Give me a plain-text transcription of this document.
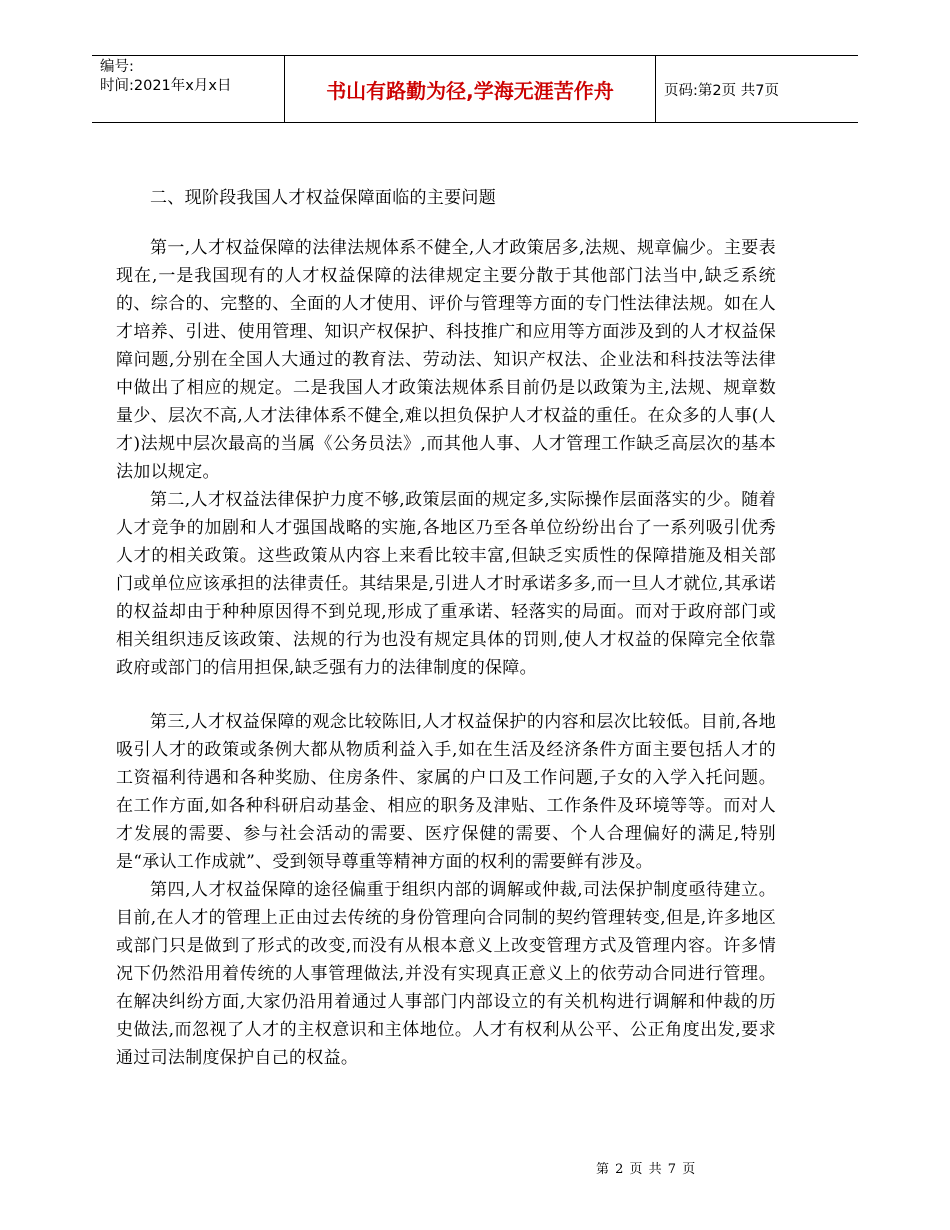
编号:
时间:2021年x月x日	书山有路勤为径,学海无涯苦作舟	页码:第2页 共7页

二、现阶段我国人才权益保障面临的主要问题

第一,人才权益保障的法律法规体系不健全,人才政策居多,法规、规章偏少。主要表现在,一是我国现有的人才权益保障的法律规定主要分散于其他部门法当中,缺乏系统的、综合的、完整的、全面的人才使用、评价与管理等方面的专门性法律法规。如在人才培养、引进、使用管理、知识产权保护、科技推广和应用等方面涉及到的人才权益保障问题,分别在全国人大通过的教育法、劳动法、知识产权法、企业法和科技法等法律中做出了相应的规定。二是我国人才政策法规体系目前仍是以政策为主,法规、规章数量少、层次不高,人才法律体系不健全,难以担负保护人才权益的重任。在众多的人事(人才)法规中层次最高的当属《公务员法》,而其他人事、人才管理工作缺乏高层次的基本法加以规定。

第二,人才权益法律保护力度不够,政策层面的规定多,实际操作层面落实的少。随着人才竞争的加剧和人才强国战略的实施,各地区乃至各单位纷纷出台了一系列吸引优秀人才的相关政策。这些政策从内容上来看比较丰富,但缺乏实质性的保障措施及相关部门或单位应该承担的法律责任。其结果是,引进人才时承诺多多,而一旦人才就位,其承诺的权益却由于种种原因得不到兑现,形成了重承诺、轻落实的局面。而对于政府部门或相关组织违反该政策、法规的行为也没有规定具体的罚则,使人才权益的保障完全依靠政府或部门的信用担保,缺乏强有力的法律制度的保障。

第三,人才权益保障的观念比较陈旧,人才权益保护的内容和层次比较低。目前,各地吸引人才的政策或条例大都从物质利益入手,如在生活及经济条件方面主要包括人才的工资福利待遇和各种奖励、住房条件、家属的户口及工作问题,子女的入学入托问题。在工作方面,如各种科研启动基金、相应的职务及津贴、工作条件及环境等等。而对人才发展的需要、参与社会活动的需要、医疗保健的需要、个人合理偏好的满足,特别是“承认工作成就”、受到领导尊重等精神方面的权利的需要鲜有涉及。

第四,人才权益保障的途径偏重于组织内部的调解或仲裁,司法保护制度亟待建立。目前,在人才的管理上正由过去传统的身份管理向合同制的契约管理转变,但是,许多地区或部门只是做到了形式的改变,而没有从根本意义上改变管理方式及管理内容。许多情况下仍然沿用着传统的人事管理做法,并没有实现真正意义上的依劳动合同进行管理。在解决纠纷方面,大家仍沿用着通过人事部门内部设立的有关机构进行调解和仲裁的历史做法,而忽视了人才的主权意识和主体地位。人才有权利从公平、公正角度出发,要求通过司法制度保护自己的权益。

第 2 页 共 7 页
